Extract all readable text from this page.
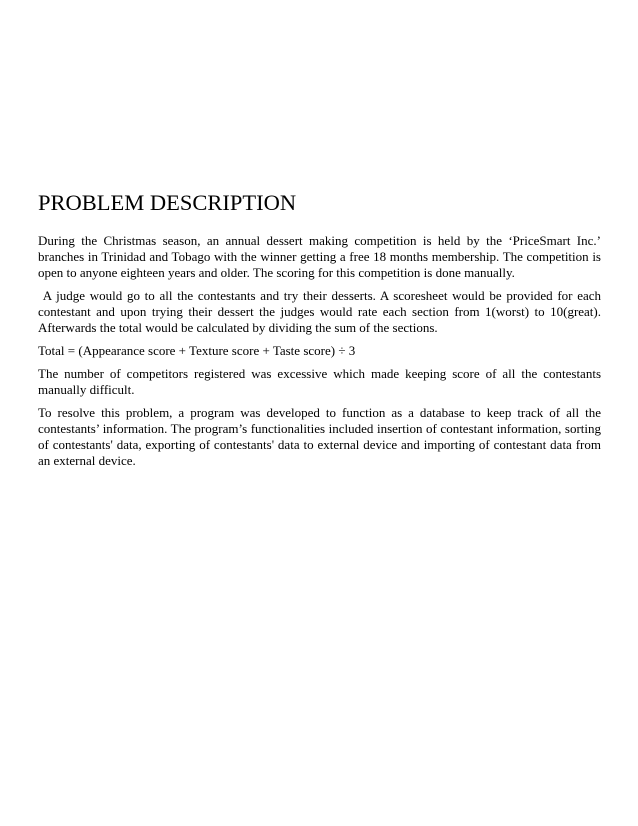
PROBLEM DESCRIPTION

During the Christmas season, an annual dessert making competition is held by the ‘PriceSmart Inc.’ branches in Trinidad and Tobago with the winner getting a free 18 months membership. The competition is open to anyone eighteen years and older. The scoring for this competition is done manually.

A judge would go to all the contestants and try their desserts. A scoresheet would be provided for each contestant and upon trying their dessert the judges would rate each section from 1(worst) to 10(great). Afterwards the total would be calculated by dividing the sum of the sections.

Total = (Appearance score + Texture score + Taste score) ÷ 3

The number of competitors registered was excessive which made keeping score of all the contestants manually difficult.

To resolve this problem, a program was developed to function as a database to keep track of all the contestants’ information. The program’s functionalities included insertion of contestant information, sorting of contestants' data, exporting of contestants' data to external device and importing of contestant data from an external device.
